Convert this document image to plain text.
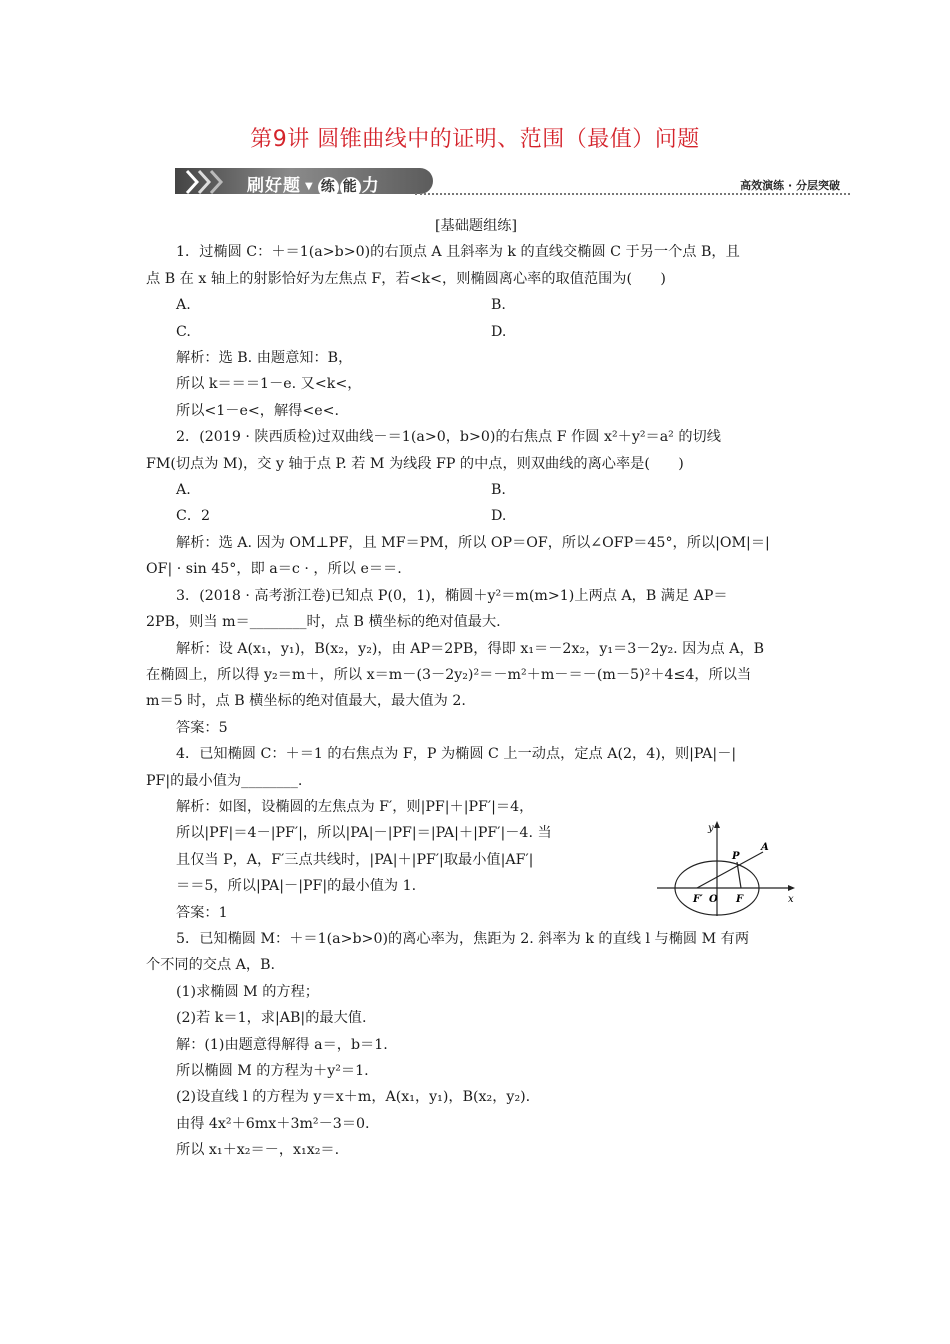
第9讲 圆锥曲线中的证明、范围（最值）问题
刷好题 ▼ 练 能 力	高效演练 · 分层突破
[基础题组练]
1．过椭圆 C：＋＝1(a>b>0)的右顶点 A 且斜率为 k 的直线交椭圆 C 于另一个点 B，且
点 B 在 x 轴上的射影恰好为左焦点 F，若<k<，则椭圆离心率的取值范围为(　　)
A.	B.
C.	D.
解析：选 B. 由题意知：B，
所以 k＝＝＝1－e. 又<k<，
所以<1－e<，解得<e<.
2．(2019 · 陕西质检)过双曲线－＝1(a>0，b>0)的右焦点 F 作圆 x²＋y²＝a² 的切线
FM(切点为 M)，交 y 轴于点 P. 若 M 为线段 FP 的中点，则双曲线的离心率是(　　)
A.	B.
C．2	D.
解析：选 A. 因为 OM⊥PF，且 MF＝PM，所以 OP＝OF，所以∠OFP＝45°，所以|OM|＝|
OF| · sin 45°，即 a＝c · ，所以 e＝＝.
3．(2018 · 高考浙江卷)已知点 P(0，1)，椭圆＋y²＝m(m>1)上两点 A，B 满足 AP＝
2PB，则当 m＝________时，点 B 横坐标的绝对值最大.
解析：设 A(x₁，y₁)，B(x₂，y₂)，由 AP＝2PB，得即 x₁＝－2x₂，y₁＝3－2y₂. 因为点 A，B
在椭圆上，所以得 y₂＝m＋，所以 x＝m－(3－2y₂)²＝－m²＋m－＝－(m－5)²＋4≤4，所以当
m＝5 时，点 B 横坐标的绝对值最大，最大值为 2.
答案：5
4．已知椭圆 C：＋＝1 的右焦点为 F，P 为椭圆 C 上一动点，定点 A(2，4)，则|PA|－|
PF|的最小值为________.
解析：如图，设椭圆的左焦点为 F′，则|PF|＋|PF′|＝4，
所以|PF|＝4－|PF′|，所以|PA|－|PF|＝|PA|＋|PF′|－4. 当
且仅当 P，A，F′三点共线时，|PA|＋|PF′|取最小值|AF′|
＝＝5，所以|PA|－|PF|的最小值为 1.
答案：1
5．已知椭圆 M：＋＝1(a>b>0)的离心率为，焦距为 2. 斜率为 k 的直线 l 与椭圆 M 有两
个不同的交点 A，B.
(1)求椭圆 M 的方程；
(2)若 k＝1，求|AB|的最大值.
解：(1)由题意得解得 a＝，b＝1.
所以椭圆 M 的方程为＋y²＝1.
(2)设直线 l 的方程为 y＝x＋m，A(x₁，y₁)，B(x₂，y₂).
由得 4x²＋6mx＋3m²－3＝0.
所以 x₁＋x₂＝－，x₁x₂＝.
y
x
P
A
F′ O F
